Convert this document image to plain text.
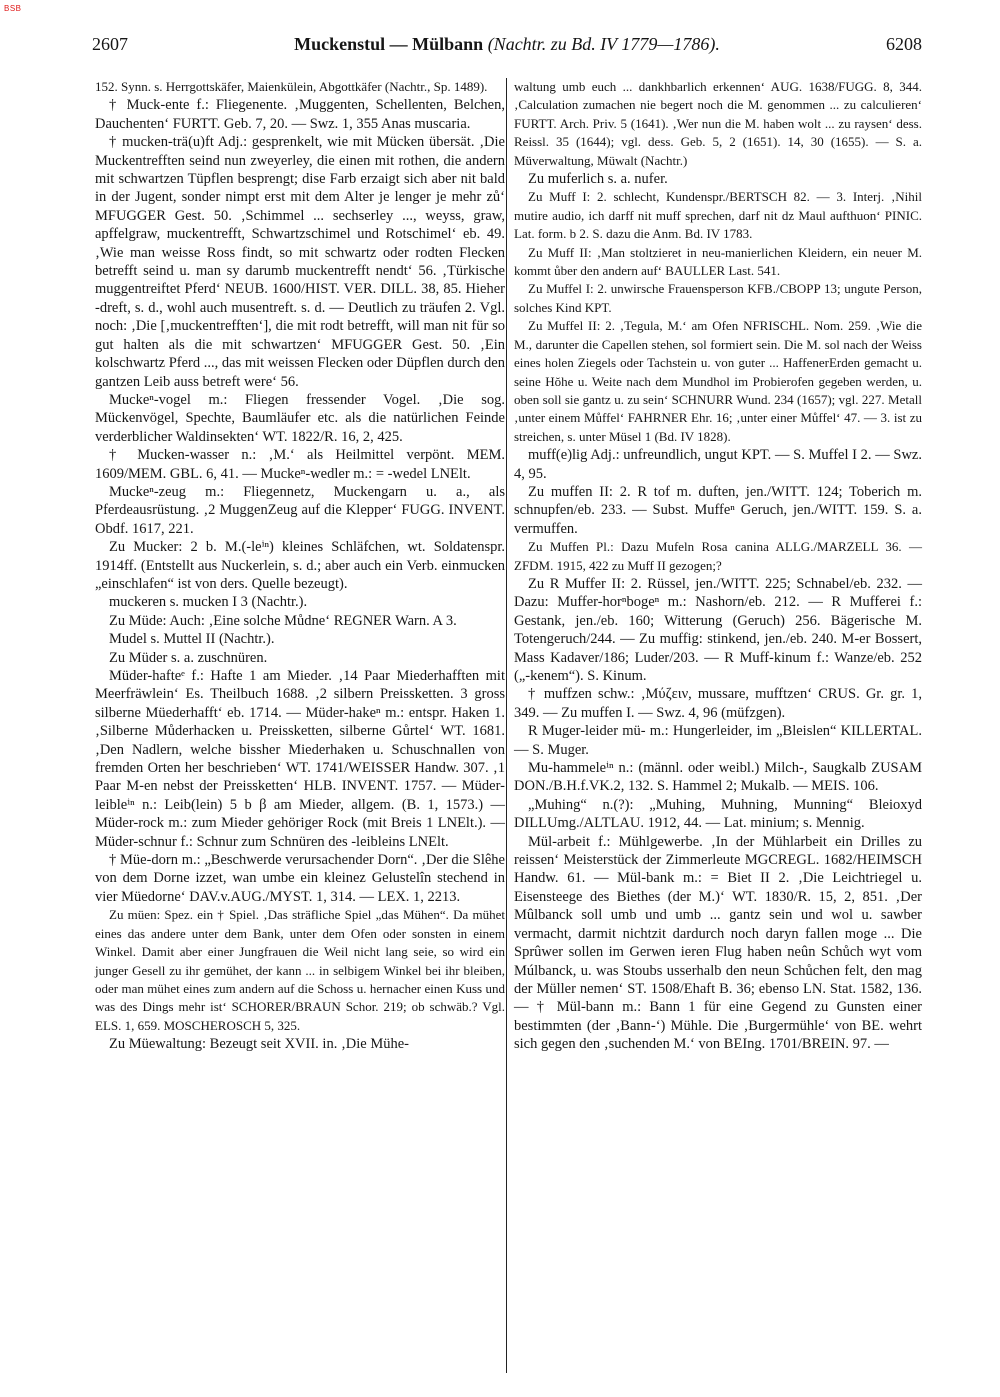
BSB
2607	Muckenstul — Mülbann (Nachtr. zu Bd. IV 1779—1786).	6208

152. Synn. s. Herrgottskäfer, Maienkülein, Abgottkäfer (Nachtr., Sp. 1489).

† Muck-ente f.: Fliegenente. ‚Muggenten, Schellenten, Belchen, Dauchenten‘ FURTT. Geb. 7, 20. — Swz. 1, 355 Anas muscaria.

† mucken-trä(u)ft Adj.: gesprenkelt, wie mit Mücken übersät. ‚Die Muckentrefften seind nun zweyerley, die einen mit rothen, die andern mit schwartzen Tüpflen besprengt; dise Farb erzaigt sich aber nit bald in der Jugent, sonder nimpt erst mit dem Alter je lenger je mehr zů‘ MFUGGER Gest. 50. ‚Schimmel ... sechserley ..., weyss, graw, apffelgraw, muckentrefft, Schwartzschimel und Rotschimel‘ eb. 49. ‚Wie man weisse Ross findt, so mit schwartz oder rodten Flecken betrefft seind u. man sy darumb muckentrefft nendt‘ 56. ‚Türkische muggentreiftet Pferd‘ NEUB. 1600/HIST. VER. DILL. 38, 85. Hieher -dreft, s. d., wohl auch musentreft. s. d. — Deutlich zu träufen 2. Vgl. noch: ‚Die [‚muckentrefften‘], die mit rodt betrefft, will man nit für so gut halten als die mit schwartzen‘ MFUGGER Gest. 50. ‚Ein kolschwartz Pferd ..., das mit weissen Flecken oder Düpflen durch den gantzen Leib auss betreft were‘ 56.

Muckeⁿ-vogel m.: Fliegen fressender Vogel. ‚Die sog. Mückenvögel, Spechte, Baumläufer etc. als die natürlichen Feinde verderblicher Waldinsekten‘ WT. 1822/R. 16, 2, 425.

† Mucken-wasser n.: ‚M.‘ als Heilmittel verpönt. MEM. 1609/MEM. GBL. 6, 41. — Muckeⁿ-wedler m.: = -wedel LNElt.

Muckeⁿ-zeug m.: Fliegennetz, Muckengarn u. a., als Pferdeausrüstung. ‚2 MuggenZeug auf die Klepper‘ FUGG. INVENT. Obdf. 1617, 221.

Zu Mucker: 2 b. M.(-leⁱⁿ) kleines Schläfchen, wt. Soldatenspr. 1914ff. (Entstellt aus Nuckerlein, s. d.; aber auch ein Verb. einmucken „einschlafen“ ist von ders. Quelle bezeugt).

muckeren s. mucken I 3 (Nachtr.).

Zu Müde: Auch: ‚Eine solche Můdne‘ REGNER Warn. A 3.

Mudel s. Muttel II (Nachtr.).

Zu Müder s. a. zuschnüren.

Müder-hafteᵉ f.: Hafte 1 am Mieder. ‚14 Paar Miederhafften mit Meerfräwlein‘ Es. Theilbuch 1688. ‚2 silbern Preissketten. 3 gross silberne Müederhafft‘ eb. 1714. — Müder-hakeⁿ m.: entspr. Haken 1. ‚Silberne Můderhacken u. Preissketten, silberne Gůrtel‘ WT. 1681. ‚Den Nadlern, welche bissher Miederhaken u. Schuschnallen von fremden Orten her beschrieben‘ WT. 1741/WEISSER Handw. 307. ‚1 Paar M-en nebst der Preissketten‘ HLB. INVENT. 1757. — Müder-leibleⁱⁿ n.: Leib(lein) 5 b β am Mieder, allgem. (B. 1, 1573.) — Müder-rock m.: zum Mieder gehöriger Rock (mit Breis 1 LNElt.). — Müder-schnur f.: Schnur zum Schnüren des -leibleins LNElt.

† Müe-dorn m.: „Beschwerde verursachender Dorn“. ‚Der die Slêhe von dem Dorne izzet, wan umbe ein kleinez Gelustelîn stechend in vier Müedorne‘ DAV.v.AUG./MYST. 1, 314. — LEX. 1, 2213.

Zu müen: Spez. ein † Spiel. ‚Das sträfliche Spiel „das Mühen“. Da mühet eines das andere unter dem Bank, unter dem Ofen oder sonsten in einem Winkel. Damit aber einer Jungfrauen die Weil nicht lang seie, so wird ein junger Gesell zu ihr gemühet, der kann ... in selbigem Winkel bei ihr bleiben, oder man mühet eines zum andern auf die Schoss u. hernacher einen Kuss und was des Dings mehr ist‘ SCHORER/BRAUN Schor. 219; ob schwäb.? Vgl. ELS. 1, 659. MOSCHEROSCH 5, 325.

Zu Müewaltung: Bezeugt seit XVII. in. ‚Die Mühe-

waltung umb euch ... dankhbarlich erkennen‘ AUG. 1638/FUGG. 8, 344. ‚Calculation zumachen nie begert noch die M. genommen ... zu calculieren‘ FURTT. Arch. Priv. 5 (1641). ‚Wer nun die M. haben wolt ... zu raysen‘ dess. Reissl. 35 (1644); vgl. dess. Geb. 5, 2 (1651). 14, 30 (1655). — S. a. Müverwaltung, Müwalt (Nachtr.)

Zu muferlich s. a. nufer.

Zu Muff I: 2. schlecht, Kundenspr./BERTSCH 82. — 3. Interj. ‚Nihil mutire audio, ich darff nit muff sprechen, darf nit dz Maul aufthuon‘ PINIC. Lat. form. b 2. S. dazu die Anm. Bd. IV 1783.

Zu Muff II: ‚Man stoltzieret in neu-manierlichen Kleidern, ein neuer M. kommt ůber den andern auf‘ BAULLER Last. 541.

Zu Muffel I: 2. unwirsche Frauensperson KFB./CBOPP 13; ungute Person, solches Kind KPT.

Zu Muffel II: 2. ‚Tegula, M.‘ am Ofen NFRISCHL. Nom. 259. ‚Wie die M., darunter die Capellen stehen, sol formiert sein. Die M. sol nach der Weiss eines holen Ziegels oder Tachstein u. von guter ... HaffenerErden gemacht u. seine Hŏhe u. Weite nach dem Mundhol im Probierofen gegeben werden, u. oben soll sie gantz u. zu sein‘ SCHNURR Wund. 234 (1657); vgl. 227. Metall ‚unter einem Můffel‘ FAHRNER Ehr. 16; ‚unter einer Můffel‘ 47. — 3. ist zu streichen, s. unter Müsel 1 (Bd. IV 1828).

muff(e)lig Adj.: unfreundlich, ungut KPT. — S. Muffel I 2. — Swz. 4, 95.

Zu muffen II: 2. R tof m. duften, jen./WITT. 124; Toberich m. schnupfen/eb. 233. — Subst. Muffeⁿ Geruch, jen./WITT. 159. S. a. vermuffen.

Zu Muffen Pl.: Dazu Mufeln Rosa canina ALLG./MARZELL 36. — ZFDM. 1915, 422 zu Muff II gezogen;?

Zu R Muffer II: 2. Rüssel, jen./WITT. 225; Schnabel/eb. 232. — Dazu: Muffer-horⁿbogeⁿ m.: Nashorn/eb. 212. — R Mufferei f.: Gestank, jen./eb. 160; Witterung (Geruch) 256. Bägerische M. Totengeruch/244. — Zu muffig: stinkend, jen./eb. 240. M-er Bossert, Mass Kadaver/186; Luder/203. — R Muff-kinum f.: Wanze/eb. 252 („-kenem“). S. Kinum.

† muffzen schw.: ‚Μύζειν, mussare, mufftzen‘ CRUS. Gr. gr. 1, 349. — Zu muffen I. — Swz. 4, 96 (müfzgen).

R Muger-leider mü- m.: Hungerleider, im „Bleislen“ KILLERTAL. — S. Muger.

Mu-hammeleⁱⁿ n.: (männl. oder weibl.) Milch-, Saugkalb ZUSAM DON./B.H.f.VK.2, 132. S. Hammel 2; Mukalb. — MEIS. 106.

„Muhing“ n.(?): „Muhing, Muhning, Munning“ Bleioxyd DILLUmg./ALTLAU. 1912, 44. — Lat. minium; s. Mennig.

Mül-arbeit f.: Mühlgewerbe. ‚In der Mühlarbeit ein Drilles zu reissen‘ Meisterstück der Zimmerleute MGCREGL. 1682/HEIMSCH Handw. 61. — Mül-bank m.: = Biet II 2. ‚Die Leichtriegel u. Eisensteege des Biethes (der M.)‘ WT. 1830/R. 15, 2, 851. ‚Der Mûlbanck soll umb und umb ... gantz sein und wol u. sawber vermacht, darmit nichtzit dardurch noch daryn fallen moge ... Die Sprûwer sollen im Gerwen ieren Flug haben neûn Schůch wyt vom Múlbanck, u. was Stoubs usserhalb den neun Schůchen felt, den mag der Müller nemen‘ ST. 1508/Ehaft B. 36; ebenso LN. Stat. 1582, 136. — † Mül-bann m.: Bann 1 für eine Gegend zu Gunsten einer bestimmten (der ‚Bann-‘) Mühle. Die ‚Burgermühle‘ von BE. wehrt sich gegen den ‚suchenden M.‘ von BEIng. 1701/BREIN. 97. —
